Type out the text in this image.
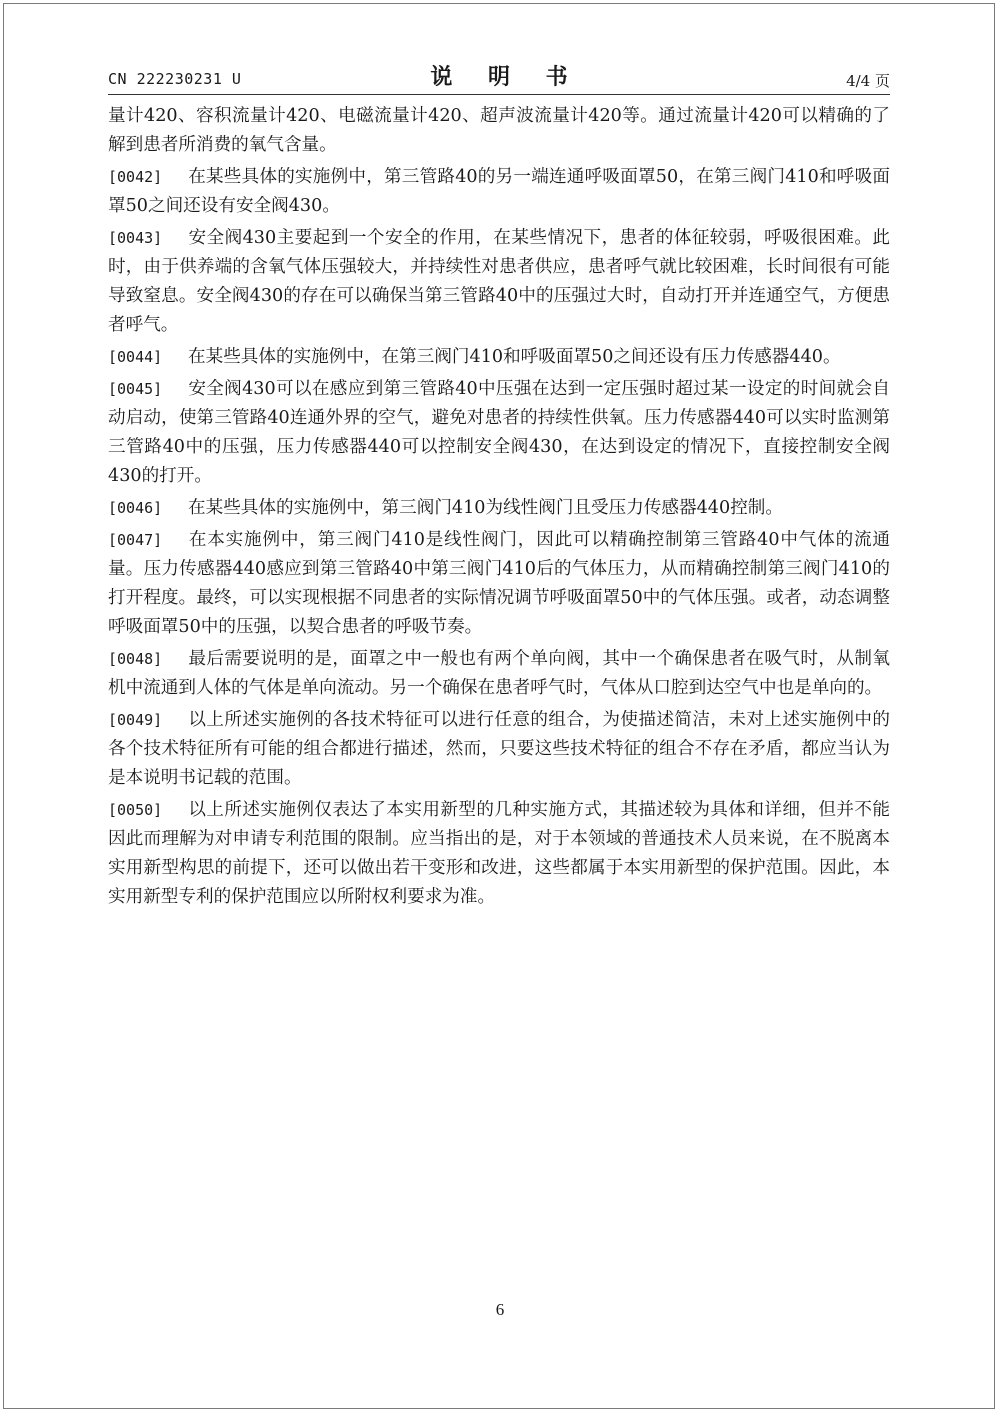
CN 222230231 U	说 明 书	4/4 页

量计420、容积流量计420、电磁流量计420、超声波流量计420等。通过流量计420可以精确的了解到患者所消费的氧气含量。

[0042] 在某些具体的实施例中，第三管路40的另一端连通呼吸面罩50，在第三阀门410和呼吸面罩50之间还设有安全阀430。

[0043] 安全阀430主要起到一个安全的作用，在某些情况下，患者的体征较弱，呼吸很困难。此时，由于供养端的含氧气体压强较大，并持续性对患者供应，患者呼气就比较困难，长时间很有可能导致窒息。安全阀430的存在可以确保当第三管路40中的压强过大时，自动打开并连通空气，方便患者呼气。

[0044] 在某些具体的实施例中，在第三阀门410和呼吸面罩50之间还设有压力传感器440。

[0045] 安全阀430可以在感应到第三管路40中压强在达到一定压强时超过某一设定的时间就会自动启动，使第三管路40连通外界的空气，避免对患者的持续性供氧。压力传感器440可以实时监测第三管路40中的压强，压力传感器440可以控制安全阀430，在达到设定的情况下，直接控制安全阀430的打开。

[0046] 在某些具体的实施例中，第三阀门410为线性阀门且受压力传感器440控制。

[0047] 在本实施例中，第三阀门410是线性阀门，因此可以精确控制第三管路40中气体的流通量。压力传感器440感应到第三管路40中第三阀门410后的气体压力，从而精确控制第三阀门410的打开程度。最终，可以实现根据不同患者的实际情况调节呼吸面罩50中的气体压强。或者，动态调整呼吸面罩50中的压强，以契合患者的呼吸节奏。

[0048] 最后需要说明的是，面罩之中一般也有两个单向阀，其中一个确保患者在吸气时，从制氧机中流通到人体的气体是单向流动。另一个确保在患者呼气时，气体从口腔到达空气中也是单向的。

[0049] 以上所述实施例的各技术特征可以进行任意的组合，为使描述简洁，未对上述实施例中的各个技术特征所有可能的组合都进行描述，然而，只要这些技术特征的组合不存在矛盾，都应当认为是本说明书记载的范围。

[0050] 以上所述实施例仅表达了本实用新型的几种实施方式，其描述较为具体和详细，但并不能因此而理解为对申请专利范围的限制。应当指出的是，对于本领域的普通技术人员来说，在不脱离本实用新型构思的前提下，还可以做出若干变形和改进，这些都属于本实用新型的保护范围。因此，本实用新型专利的保护范围应以所附权利要求为准。

6
